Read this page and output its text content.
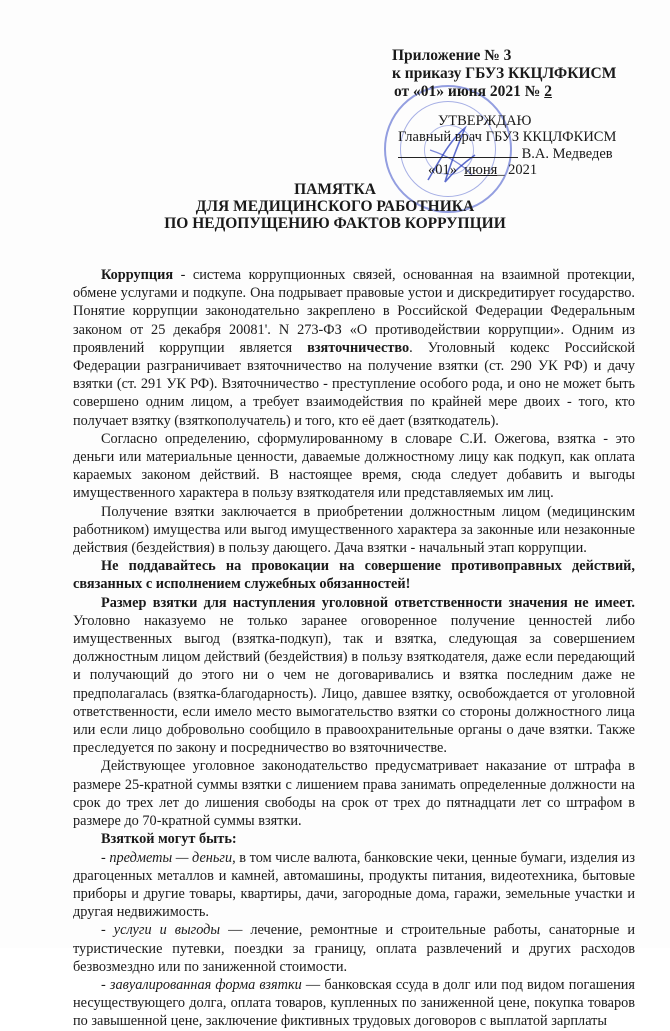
Приложение № 3
к приказу ГБУЗ ККЦЛФКИСМ
от «01» июня 2021 № 2
УТВЕРЖДАЮ
Главный врач ГБУЗ ККЦЛФКИСМ
В.А. Медведев
«01» июня_ 2021
ПАМЯТКА
ДЛЯ МЕДИЦИНСКОГО РАБОТНИКА
ПО НЕДОПУЩЕНИЮ ФАКТОВ КОРРУПЦИИ

Коррупция - система коррупционных связей, основанная на взаимной протекции, обмене услугами и подкупе. Она подрывает правовые устои и дискредитирует государство. Понятие коррупции законодательно закреплено в Российской Федерации Федеральным законом от 25 декабря 20081'. N 273-ФЗ «О противодействии коррупции». Одним из проявлений коррупции является взяточничество. Уголовный кодекс Российской Федерации разграничивает взяточничество на получение взятки (ст. 290 УК РФ) и дачу взятки (ст. 291 УК РФ). Взяточничество - преступление особого рода, и оно не может быть совершено одним лицом, а требует взаимодействия по крайней мере двоих - того, кто получает взятку (взяткополучатель) и того, кто её дает (взяткодатель).

Согласно определению, сформулированному в словаре С.И. Ожегова, взятка - это деньги или материальные ценности, даваемые должностному лицу как подкуп, как оплата караемых законом действий. В настоящее время, сюда следует добавить и выгоды имущественного характера в пользу взяткодателя или представляемых им лиц.

Получение взятки заключается в приобретении должностным лицом (медицинским работником) имущества или выгод имущественного характера за законные или незаконные действия (бездействия) в пользу дающего. Дача взятки - начальный этап коррупции.

Не поддавайтесь на провокации на совершение противоправных действий, связанных с исполнением служебных обязанностей!

Размер взятки для наступления уголовной ответственности значения не имеет. Уголовно наказуемо не только заранее оговоренное получение ценностей либо имущественных выгод (взятка-подкуп), так и взятка, следующая за совершением должностным лицом действий (бездействия) в пользу взяткодателя, даже если передающий и получающий до этого ни о чем не договаривались и взятка последним даже не предполагалась (взятка-благодарность). Лицо, давшее взятку, освобождается от уголовной ответственности, если имело место вымогательство взятки со стороны должностного лица или если лицо добровольно сообщило в правоохранительные органы о даче взятки. Также преследуется по закону и посредничество во взяточничестве.

Действующее уголовное законодательство предусматривает наказание от штрафа в размере 25-кратной суммы взятки с лишением права занимать определенные должности на срок до трех лет до лишения свободы на срок от трех до пятнадцати лет со штрафом в размере до 70-кратной суммы взятки.

Взяткой могут быть:

- предметы — деньги, в том числе валюта, банковские чеки, ценные бумаги, изделия из драгоценных металлов и камней, автомашины, продукты питания, видеотехника, бытовые приборы и другие товары, квартиры, дачи, загородные дома, гаражи, земельные участки и другая недвижимость.

- услуги и выгоды — лечение, ремонтные и строительные работы, санаторные и туристические путевки, поездки за границу, оплата развлечений и других расходов безвозмездно или по заниженной стоимости.

- завуалированная форма взятки — банковская ссуда в долг или под видом погашения несуществующего долга, оплата товаров, купленных по заниженной цене, покупка товаров по завышенной цене, заключение фиктивных трудовых договоров с выплатой зарплаты
